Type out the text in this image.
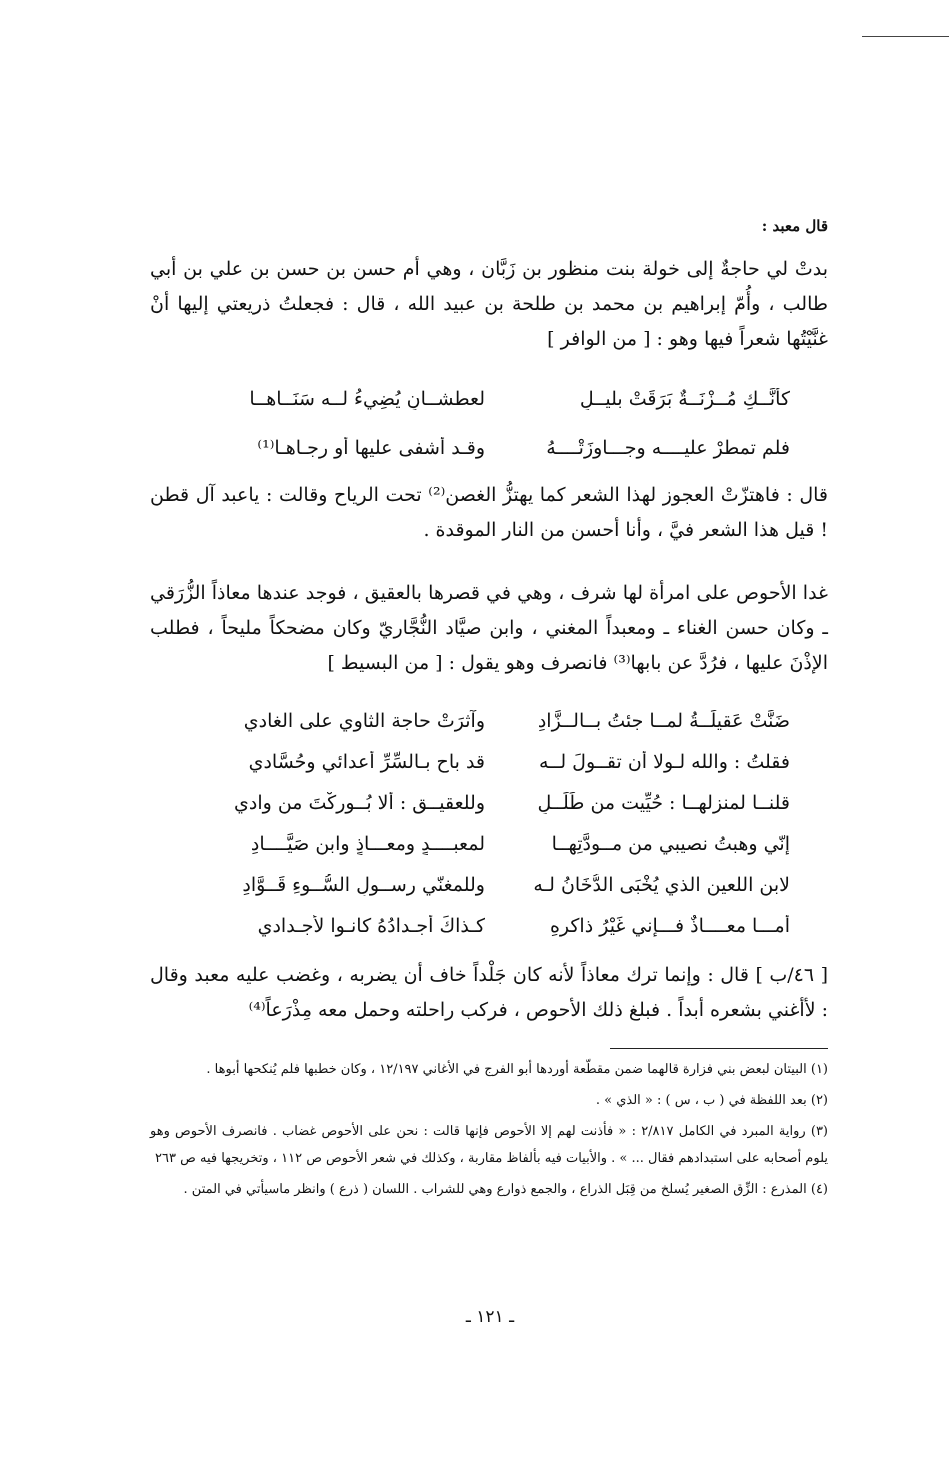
قال معبد :
بدتْ لي حاجةٌ إلى خولة بنت منظور بن زَبَّان ، وهي أم حسن بن حسن بن علي بن أبي طالب ، وأُمّ إبراهيم بن محمد بن طلحة بن عبيد الله ، قال : فجعلتُ ذريعتي إليها أنْ غنَّيْتُها شعراً فيها وهو : [ من الوافر ]
كأنَّــكِ مُــزْنَــةٌ بَرَقَتْ بليــلٍ
لعطشــانٍ يُضِيءُ لــه سَنَــاهــا
فلم تمطرْ عليــــه وجـــاوزَتْــــهُ
وقـد أشفى عليها أو رجـاهـا⁽¹⁾
قال : فاهتزّتْ العجوز لهذا الشعر كما يهتزُّ الغصن⁽²⁾ تحت الرياح وقالت : ياعبد آل قطن ! قيل هذا الشعر فيَّ ، وأنا أحسن من النار الموقدة .
غدا الأحوص على امرأة لها شرف ، وهي في قصرها بالعقيق ، فوجد عندها معاذاً الزُّرَقي ـ وكان حسن الغناء ـ ومعبداً المغني ، وابن صيَّاد النُّجَّاريّ وكان مضحكاً مليحاً ، فطلب الإذْنَ عليها ، فرُدَّ عن بابها⁽³⁾ فانصرف وهو يقول : [ من البسيط ]
ضَنَّتْ عَقيلَــةُ لمــا جئتُ بــالــزَّادِ
وآثرَتْ حاجة الثاوي على الغادي
فقلتُ : والله لـولا أن تقــولَ لــه
قد باح بـالسِّرِّ أعدائي وحُسَّادي
قلنــا لمنزلهــا : حُيِّيت من طَلَــلٍ
وللعقيــق : ألا بُــوركْتَ من وادي
إنّي وهبتُ نصيبي من مــودَّتِهــا
لمعبــــدٍ ومعـــاذٍ وابن صَيَّــــادِ
لابن اللعين الذي يُخْبَى الدُّخَانُ لـه
وللمغنّي رســولِ السُّــوءِ قَــوَّادِ
أمـــا معــــاذٌ فـــإني غَيْرُ ذاكرِهِ
كـذاكَ أجـدادُهُ كانـوا لأجـدادي
[ ٤٦/ب ] قال : وإنما ترك معاذاً لأنه كان جَلْداً خاف أن يضربه ، وغضب عليه معبد وقال : لأأغني بشعره أبداً . فبلغ ذلك الأحوص ، فركب راحلته وحمل معه مِذْرَعاً⁽⁴⁾

(١) البيتان لبعض بني فزارة قالهما ضمن مقطّعة أوردها أبو الفرج في الأغاني ١٢/١٩٧ ، وكان خطبها فلم يُنكحها أبوها .

(٢) بعد اللفظة في ( ب ، س ) : « الذي » .

(٣) رواية المبرد في الكامل ٢/٨١٧ : « فأذنت لهم إلا الأحوص فإنها قالت : نحن على الأحوص غضاب . فانصرف الأحوص وهو يلوم أصحابه على استبدادهم فقال ... » . والأبيات فيه بألفاظ مقاربة ، وكذلك في شعر الأحوص ص ١١٢ ، وتخريجها فيه ص ٢٦٣

(٤) المذرع : الزِّق الصغير يُسلخ من قِبَل الذراع ، والجمع ذوارع وهي للشراب . اللسان ( ذرع ) وانظر ماسيأتي في المتن .

ـ ١٢١ ـ
